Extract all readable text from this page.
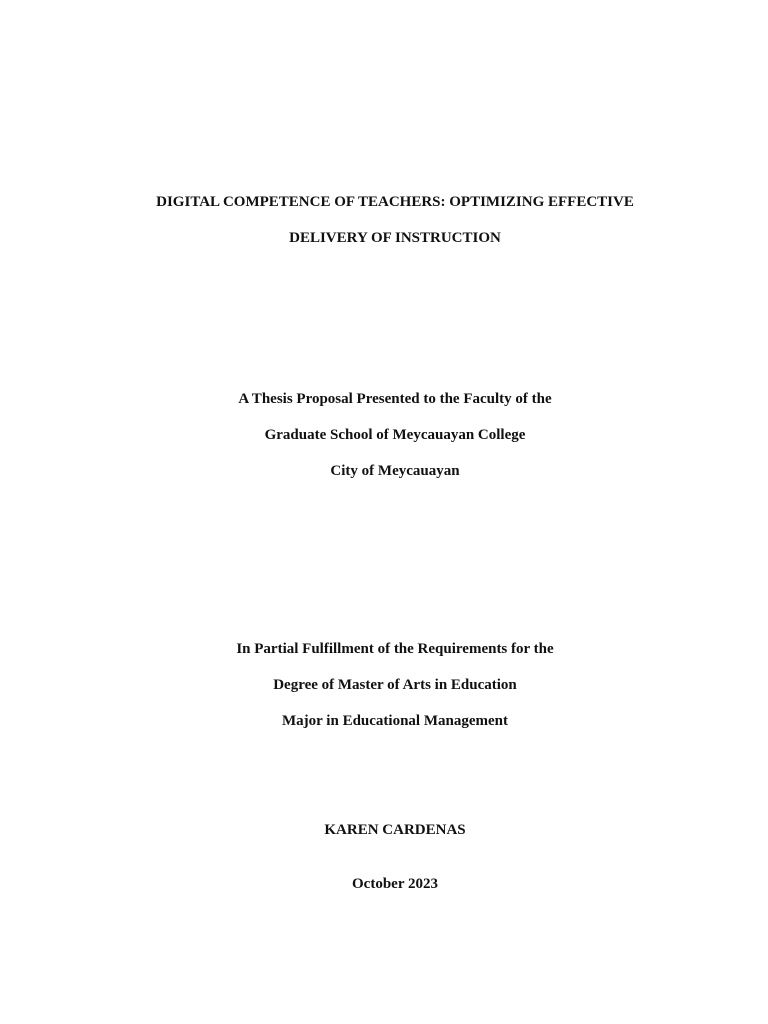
DIGITAL COMPETENCE OF TEACHERS: OPTIMIZING EFFECTIVE
DELIVERY OF INSTRUCTION
A Thesis Proposal Presented to the Faculty of the
Graduate School of Meycauayan College
City of Meycauayan
In Partial Fulfillment of the Requirements for the
Degree of Master of Arts in Education
Major in Educational Management
KAREN CARDENAS
October 2023
